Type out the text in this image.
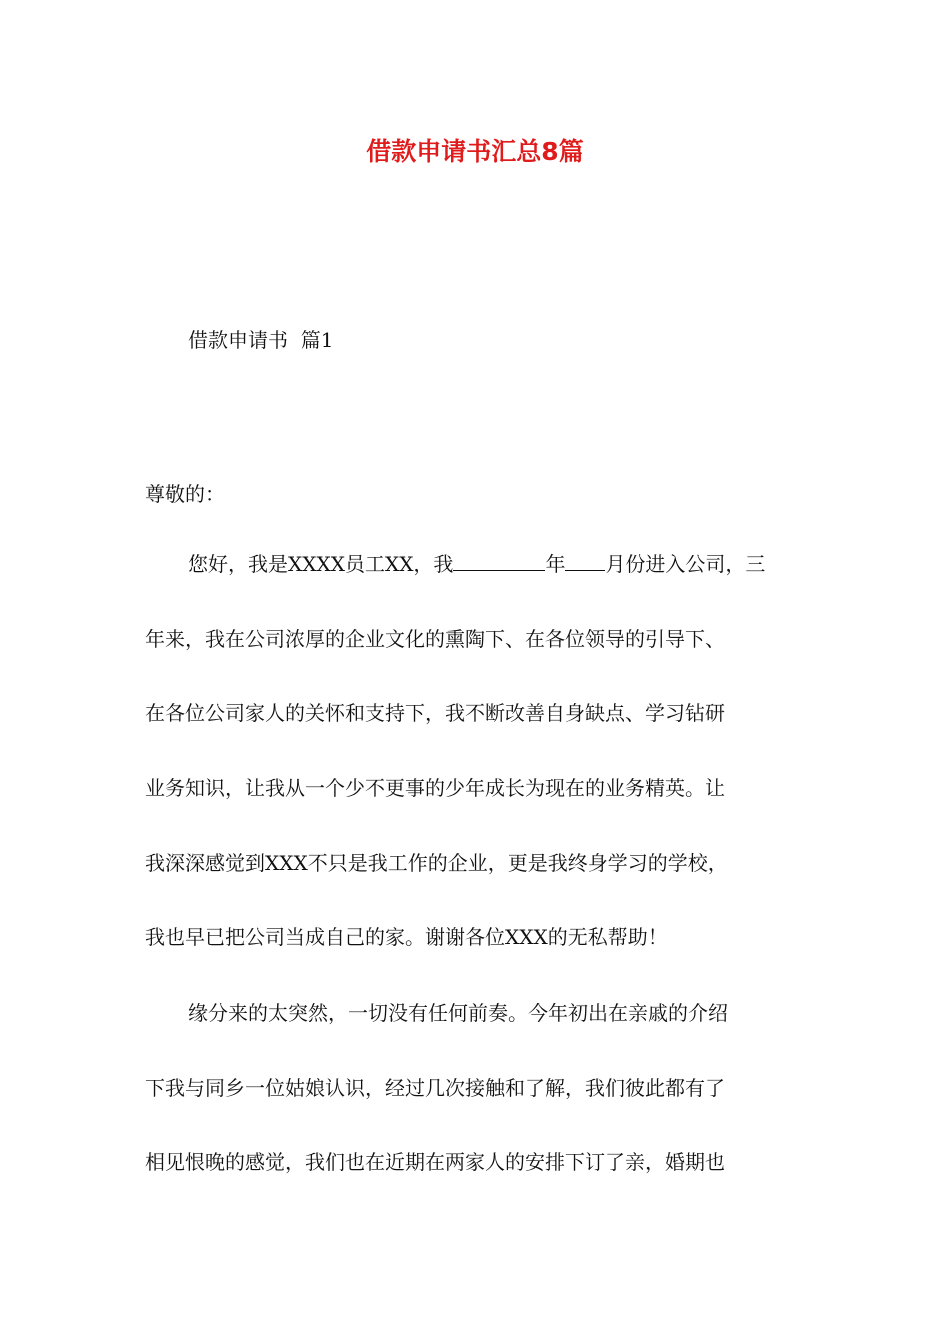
借款申请书汇总8篇
借款申请书  篇1
尊敬的：
您好，我是XXXX员工XX，我	年 月份进入公司，三
年来，我在公司浓厚的企业文化的熏陶下、在各位领导的引导下、
在各位公司家人的关怀和支持下，我不断改善自身缺点、学习钻研
业务知识，让我从一个少不更事的少年成长为现在的业务精英。让
我深深感觉到XXX不只是我工作的企业，更是我终身学习的学校，
我也早已把公司当成自己的家。谢谢各位XXX的无私帮助！
缘分来的太突然，一切没有任何前奏。今年初出在亲戚的介绍
下我与同乡一位姑娘认识，经过几次接触和了解，我们彼此都有了
相见恨晚的感觉，我们也在近期在两家人的安排下订了亲，婚期也
